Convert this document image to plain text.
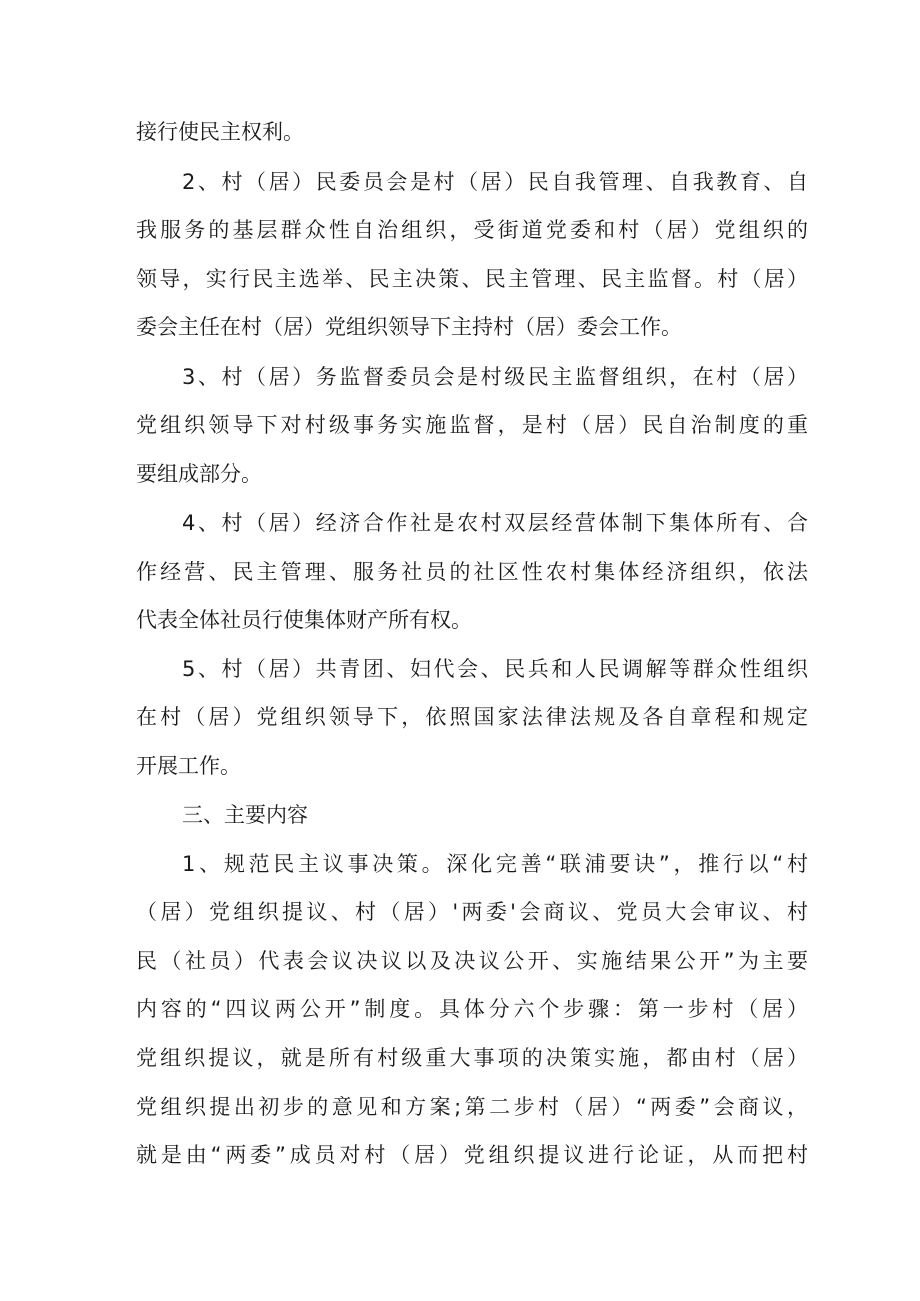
接行使民主权利。
2、村（居）民委员会是村（居）民自我管理、自我教育、自
我服务的基层群众性自治组织，受街道党委和村（居）党组织的
领导，实行民主选举、民主决策、民主管理、民主监督。村（居）
委会主任在村（居）党组织领导下主持村（居）委会工作。
3、村（居）务监督委员会是村级民主监督组织，在村（居）
党组织领导下对村级事务实施监督，是村（居）民自治制度的重
要组成部分。
4、村（居）经济合作社是农村双层经营体制下集体所有、合
作经营、民主管理、服务社员的社区性农村集体经济组织，依法
代表全体社员行使集体财产所有权。
5、村（居）共青团、妇代会、民兵和人民调解等群众性组织
在村（居）党组织领导下，依照国家法律法规及各自章程和规定
开展工作。
三、主要内容
1、规范民主议事决策。深化完善“联浦要诀”，推行以“村
（居）党组织提议、村（居）'两委'会商议、党员大会审议、村
民（社员）代表会议决议以及决议公开、实施结果公开”为主要
内容的“四议两公开”制度。具体分六个步骤：第一步村（居）
党组织提议，就是所有村级重大事项的决策实施，都由村（居）
党组织提出初步的意见和方案;第二步村（居）“两委”会商议，
就是由“两委”成员对村（居）党组织提议进行论证，从而把村
